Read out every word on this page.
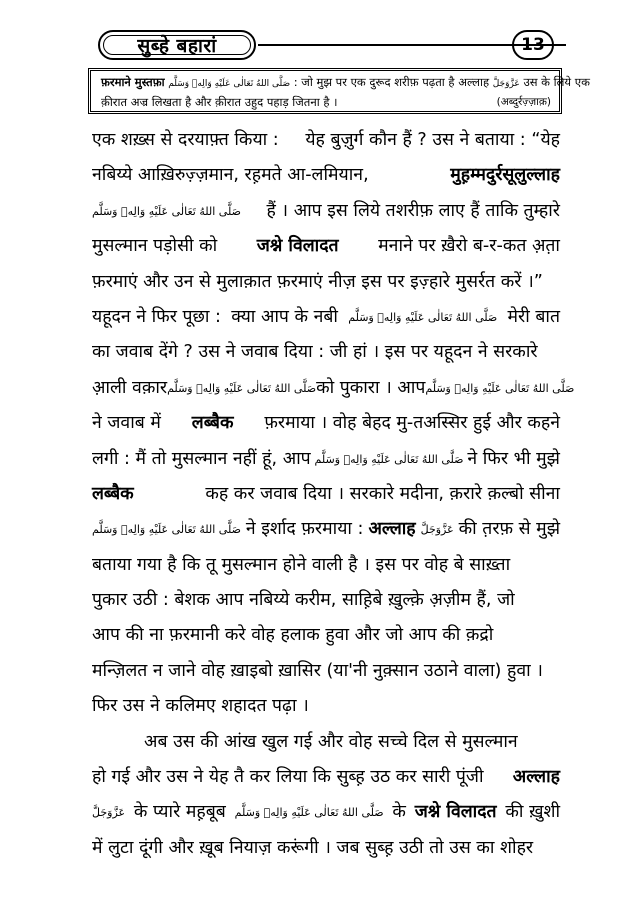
सुब्हे बहारां	13
फ़रमाने मुस्तफ़ा صَلَّى اللهُ تَعَالٰى عَلَيْهِ وَالِهٖ وَسَلَّم : जो मुझ पर एक दुरूद शरीफ़ पढ़ता है अल्लाह عَزَّوَجَلَّ उस के लिये एक
क़ीरात अज्र लिखता है और क़ीरात उहुद पहाड़ जितना है ।	(अब्दुर्रज़्ज़ाक़)
एक शख़्स से दरयाफ़्त किया : येह बुज़ुर्ग कौन हैं ? उस ने बताया : “येह
नबिय्ये आख़िरुज़्ज़मान, रह़मते आ-लमियान,	मुह़म्मदुर्रसूलुल्लाह
صَلَّى اللهُ تَعَالٰى عَلَيْهِ وَالِهٖ وَسَلَّم हैं । आप इस लिये तशरीफ़ लाए हैं ताकि तुम्हारे
मुसल्मान पड़ोसी को जश्ने विलादत मनाने पर ख़ैरो ब-र-कत अ़त़ा
फ़रमाएं और उन से मुलाक़ात फ़रमाएं नीज़ इस पर इज़्हारे मुसर्रत करें ।”
यहूदन ने फिर पूछा : क्या आप के नबी صَلَّى اللهُ تَعَالٰى عَلَيْهِ وَالِهٖ وَسَلَّم मेरी बात
का जवाब देंगे ? उस ने जवाब दिया : जी हां । इस पर यहूदन ने सरकारे
आ़ली वक़ार صَلَّى اللهُ تَعَالٰى عَلَيْهِ وَالِهٖ وَسَلَّم को पुकारा । आप صَلَّى اللهُ تَعَالٰى عَلَيْهِ وَالِهٖ وَسَلَّم
ने जवाब में लब्बैक फ़रमाया । वोह बेहद मु-तअस्सिर हुई और कहने
लगी : मैं तो मुसल्मान नहीं हूं, आप صَلَّى اللهُ تَعَالٰى عَلَيْهِ وَالِهٖ وَسَلَّم ने फिर भी मुझे
लब्बैक	कह कर जवाब दिया । सरकारे मदीना, क़रारे क़ल्बो सीना
صَلَّى اللهُ تَعَالٰى عَلَيْهِ وَالِهٖ وَسَلَّم ने इर्शाद फ़रमाया : अल्लाह عَزَّوَجَلَّ की त़रफ़ से मुझे
बताया गया है कि तू मुसल्मान होने वाली है । इस पर वोह बे साख़्ता
पुकार उठी : बेशक आप नबिय्ये करीम, साह़िबे ख़ुल्क़े अ़ज़ीम हैं, जो
आप की ना फ़रमानी करे वोह हलाक हुवा और जो आप की क़द्रो
मन्ज़िलत न जाने वोह ख़ाइबो ख़ासिर (या'नी नुक़्सान उठाने वाला) हुवा ।
फिर उस ने कलिमए शहादत पढ़ा ।
अब उस की आंख खुल गई और वोह सच्चे दिल से मुसल्मान
हो गई और उस ने येह तै कर लिया कि सुब्ह़ उठ कर सारी पूंजी अल्लाह
عَزَّوَجَلَّ के प्यारे मह़बूब صَلَّى اللهُ تَعَالٰى عَلَيْهِ وَالِهٖ وَسَلَّم के जश्ने विलादत की ख़ुशी
में लुटा दूंगी और ख़ूब नियाज़ करूंगी । जब सुब्ह़ उठी तो उस का शोहर
